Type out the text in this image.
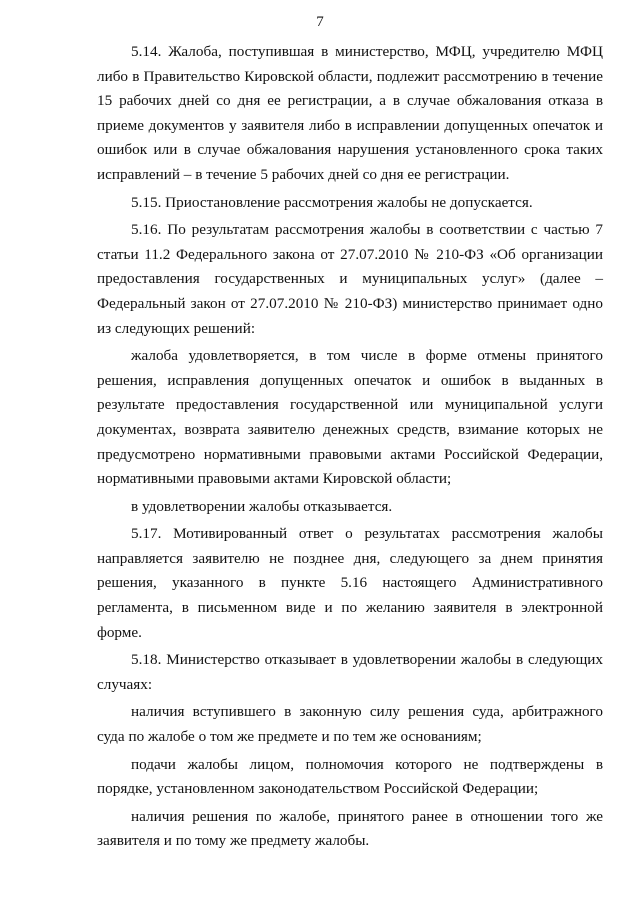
7

5.14. Жалоба, поступившая в министерство, МФЦ, учредителю МФЦ либо в Правительство Кировской области, подлежит рассмотрению в течение 15 рабочих дней со дня ее регистрации, а в случае обжалования отказа в приеме документов у заявителя либо в исправлении допущенных опечаток и ошибок или в случае обжалования нарушения установленного срока таких исправлений – в течение 5 рабочих дней со дня ее регистрации.

5.15. Приостановление рассмотрения жалобы не допускается.

5.16. По результатам рассмотрения жалобы в соответствии с частью 7 статьи 11.2 Федерального закона от 27.07.2010 № 210-ФЗ «Об организации предоставления государственных и муниципальных услуг» (далее – Федеральный закон от 27.07.2010 № 210-ФЗ) министерство принимает одно из следующих решений:

жалоба удовлетворяется, в том числе в форме отмены принятого решения, исправления допущенных опечаток и ошибок в выданных в результате предоставления государственной или муниципальной услуги документах, возврата заявителю денежных средств, взимание которых не предусмотрено нормативными правовыми актами Российской Федерации, нормативными правовыми актами Кировской области;

в удовлетворении жалобы отказывается.

5.17. Мотивированный ответ о результатах рассмотрения жалобы направляется заявителю не позднее дня, следующего за днем принятия решения, указанного в пункте 5.16 настоящего Административного регламента, в письменном виде и по желанию заявителя в электронной форме.

5.18. Министерство отказывает в удовлетворении жалобы в следующих случаях:

наличия вступившего в законную силу решения суда, арбитражного суда по жалобе о том же предмете и по тем же основаниям;

подачи жалобы лицом, полномочия которого не подтверждены в порядке, установленном законодательством Российской Федерации;

наличия решения по жалобе, принятого ранее в отношении того же заявителя и по тому же предмету жалобы.
